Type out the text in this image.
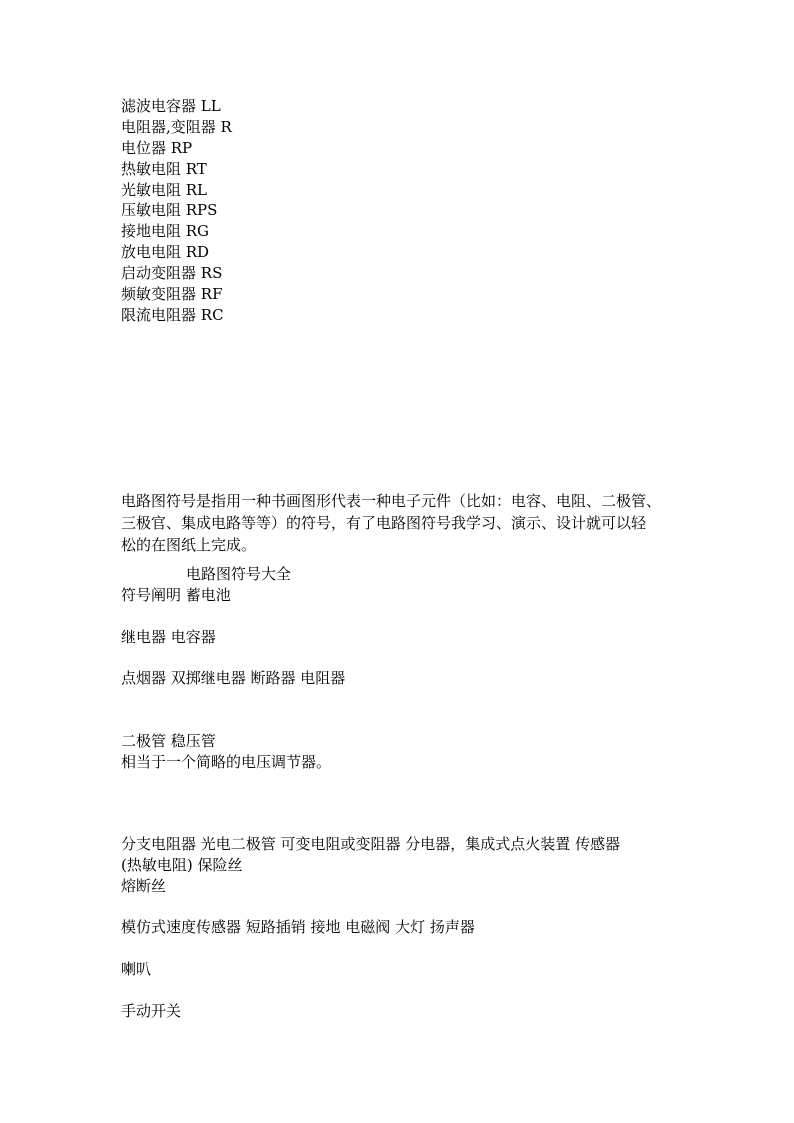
滤波电容器 LL
电阻器,变阻器 R
电位器 RP
热敏电阻 RT
光敏电阻 RL
压敏电阻 RPS
接地电阻 RG
放电电阻 RD
启动变阻器 RS
频敏变阻器 RF
限流电阻器 RC
电路图符号是指用一种书画图形代表一种电子元件（比如：电容、电阻、二极管、
三极官、集成电路等等）的符号，有了电路图符号我学习、演示、设计就可以轻
松的在图纸上完成。
电路图符号大全
符号阐明 蓄电池
继电器 电容器
点烟器 双掷继电器 断路器 电阻器
二极管 稳压管
相当于一个简略的电压调节器。
分支电阻器 光电二极管 可变电阻或变阻器 分电器，集成式点火装置 传感器
(热敏电阻) 保险丝
熔断丝
模仿式速度传感器 短路插销 接地 电磁阀 大灯 扬声器
喇叭
手动开关
